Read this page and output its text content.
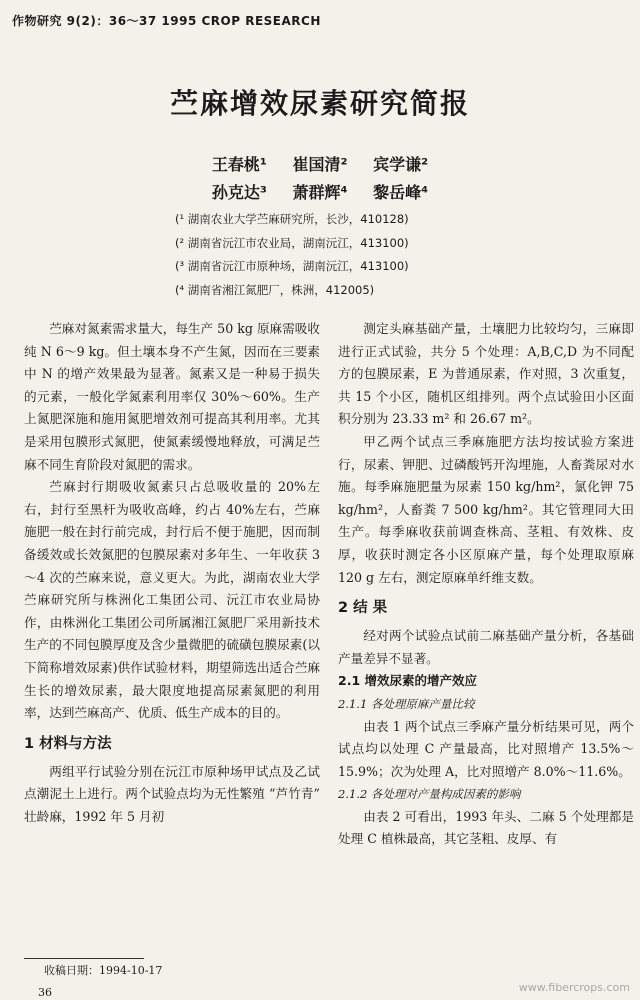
作物研究 9(2)：36～37 1995 CROP RESEARCH
苎麻增效尿素研究简报
王春桃¹ 崔国清² 宾学谦²
孙克达³ 萧群辉⁴ 黎岳峰⁴
(¹ 湖南农业大学苎麻研究所，长沙，410128)
(² 湖南省沅江市农业局，湖南沅江，413100)
(³ 湖南省沅江市原种场，湖南沅江，413100)
(⁴ 湖南省湘江氮肥厂，株洲，412005)

苎麻对氮素需求量大，每生产 50 kg 原麻需吸收纯 N 6～9 kg。但土壤本身不产生氮，因而在三要素中 N 的增产效果最为显著。氮素又是一种易于损失的元素，一般化学氮素利用率仅 30%～60%。生产上氮肥深施和施用氮肥增效剂可提高其利用率。尤其是采用包膜形式氮肥，使氮素缓慢地释放，可满足苎麻不同生育阶段对氮肥的需求。

苎麻封行期吸收氮素只占总吸收量的 20%左右，封行至黑杆为吸收高峰，约占 40%左右，苎麻施肥一般在封行前完成，封行后不便于施肥，因而制备缓效或长效氮肥的包膜尿素对多年生、一年收获 3～4 次的苎麻来说，意义更大。为此，湖南农业大学苎麻研究所与株洲化工集团公司、沅江市农业局协作，由株洲化工集团公司所属湘江氮肥厂采用新技术生产的不同包膜厚度及含少量微肥的硫磺包膜尿素(以下简称增效尿素)供作试验材料，期望筛选出适合苎麻生长的增效尿素，最大限度地提高尿素氮肥的利用率，达到苎麻高产、优质、低生产成本的目的。

1 材料与方法

两组平行试验分别在沅江市原种场甲试点及乙试点潮泥土上进行。两个试验点均为无性繁殖 “芦竹青” 壮龄麻，1992 年 5 月初

测定头麻基础产量，土壤肥力比较均匀，三麻即进行正式试验，共分 5 个处理：A,B,C,D 为不同配方的包膜尿素，E 为普通尿素，作对照，3 次重复，共 15 个小区，随机区组排列。两个点试验田小区面积分别为 23.33 m² 和 26.67 m²。

甲乙两个试点三季麻施肥方法均按试验方案进行，尿素、钾肥、过磷酸钙开沟埋施，人畜粪尿对水施。每季麻施肥量为尿素 150 kg/hm²，氯化钾 75 kg/hm²，人畜粪 7 500 kg/hm²。其它管理同大田生产。每季麻收获前调查株高、茎粗、有效株、皮厚，收获时测定各小区原麻产量，每个处理取原麻 120 g 左右，测定原麻单纤维支数。

2 结 果

经对两个试验点试前二麻基础产量分析，各基础产量差异不显著。

2.1 增效尿素的增产效应
2.1.1 各处理原麻产量比较

由表 1 两个试点三季麻产量分析结果可见，两个试点均以处理 C 产量最高，比对照增产 13.5%～15.9%；次为处理 A，比对照增产 8.0%～11.6%。

2.1.2 各处理对产量构成因素的影响

由表 2 可看出，1993 年头、二麻 5 个处理都是处理 C 植株最高，其它茎粗、皮厚、有

收稿日期：1994-10-17
36	www.fibercrops.com
